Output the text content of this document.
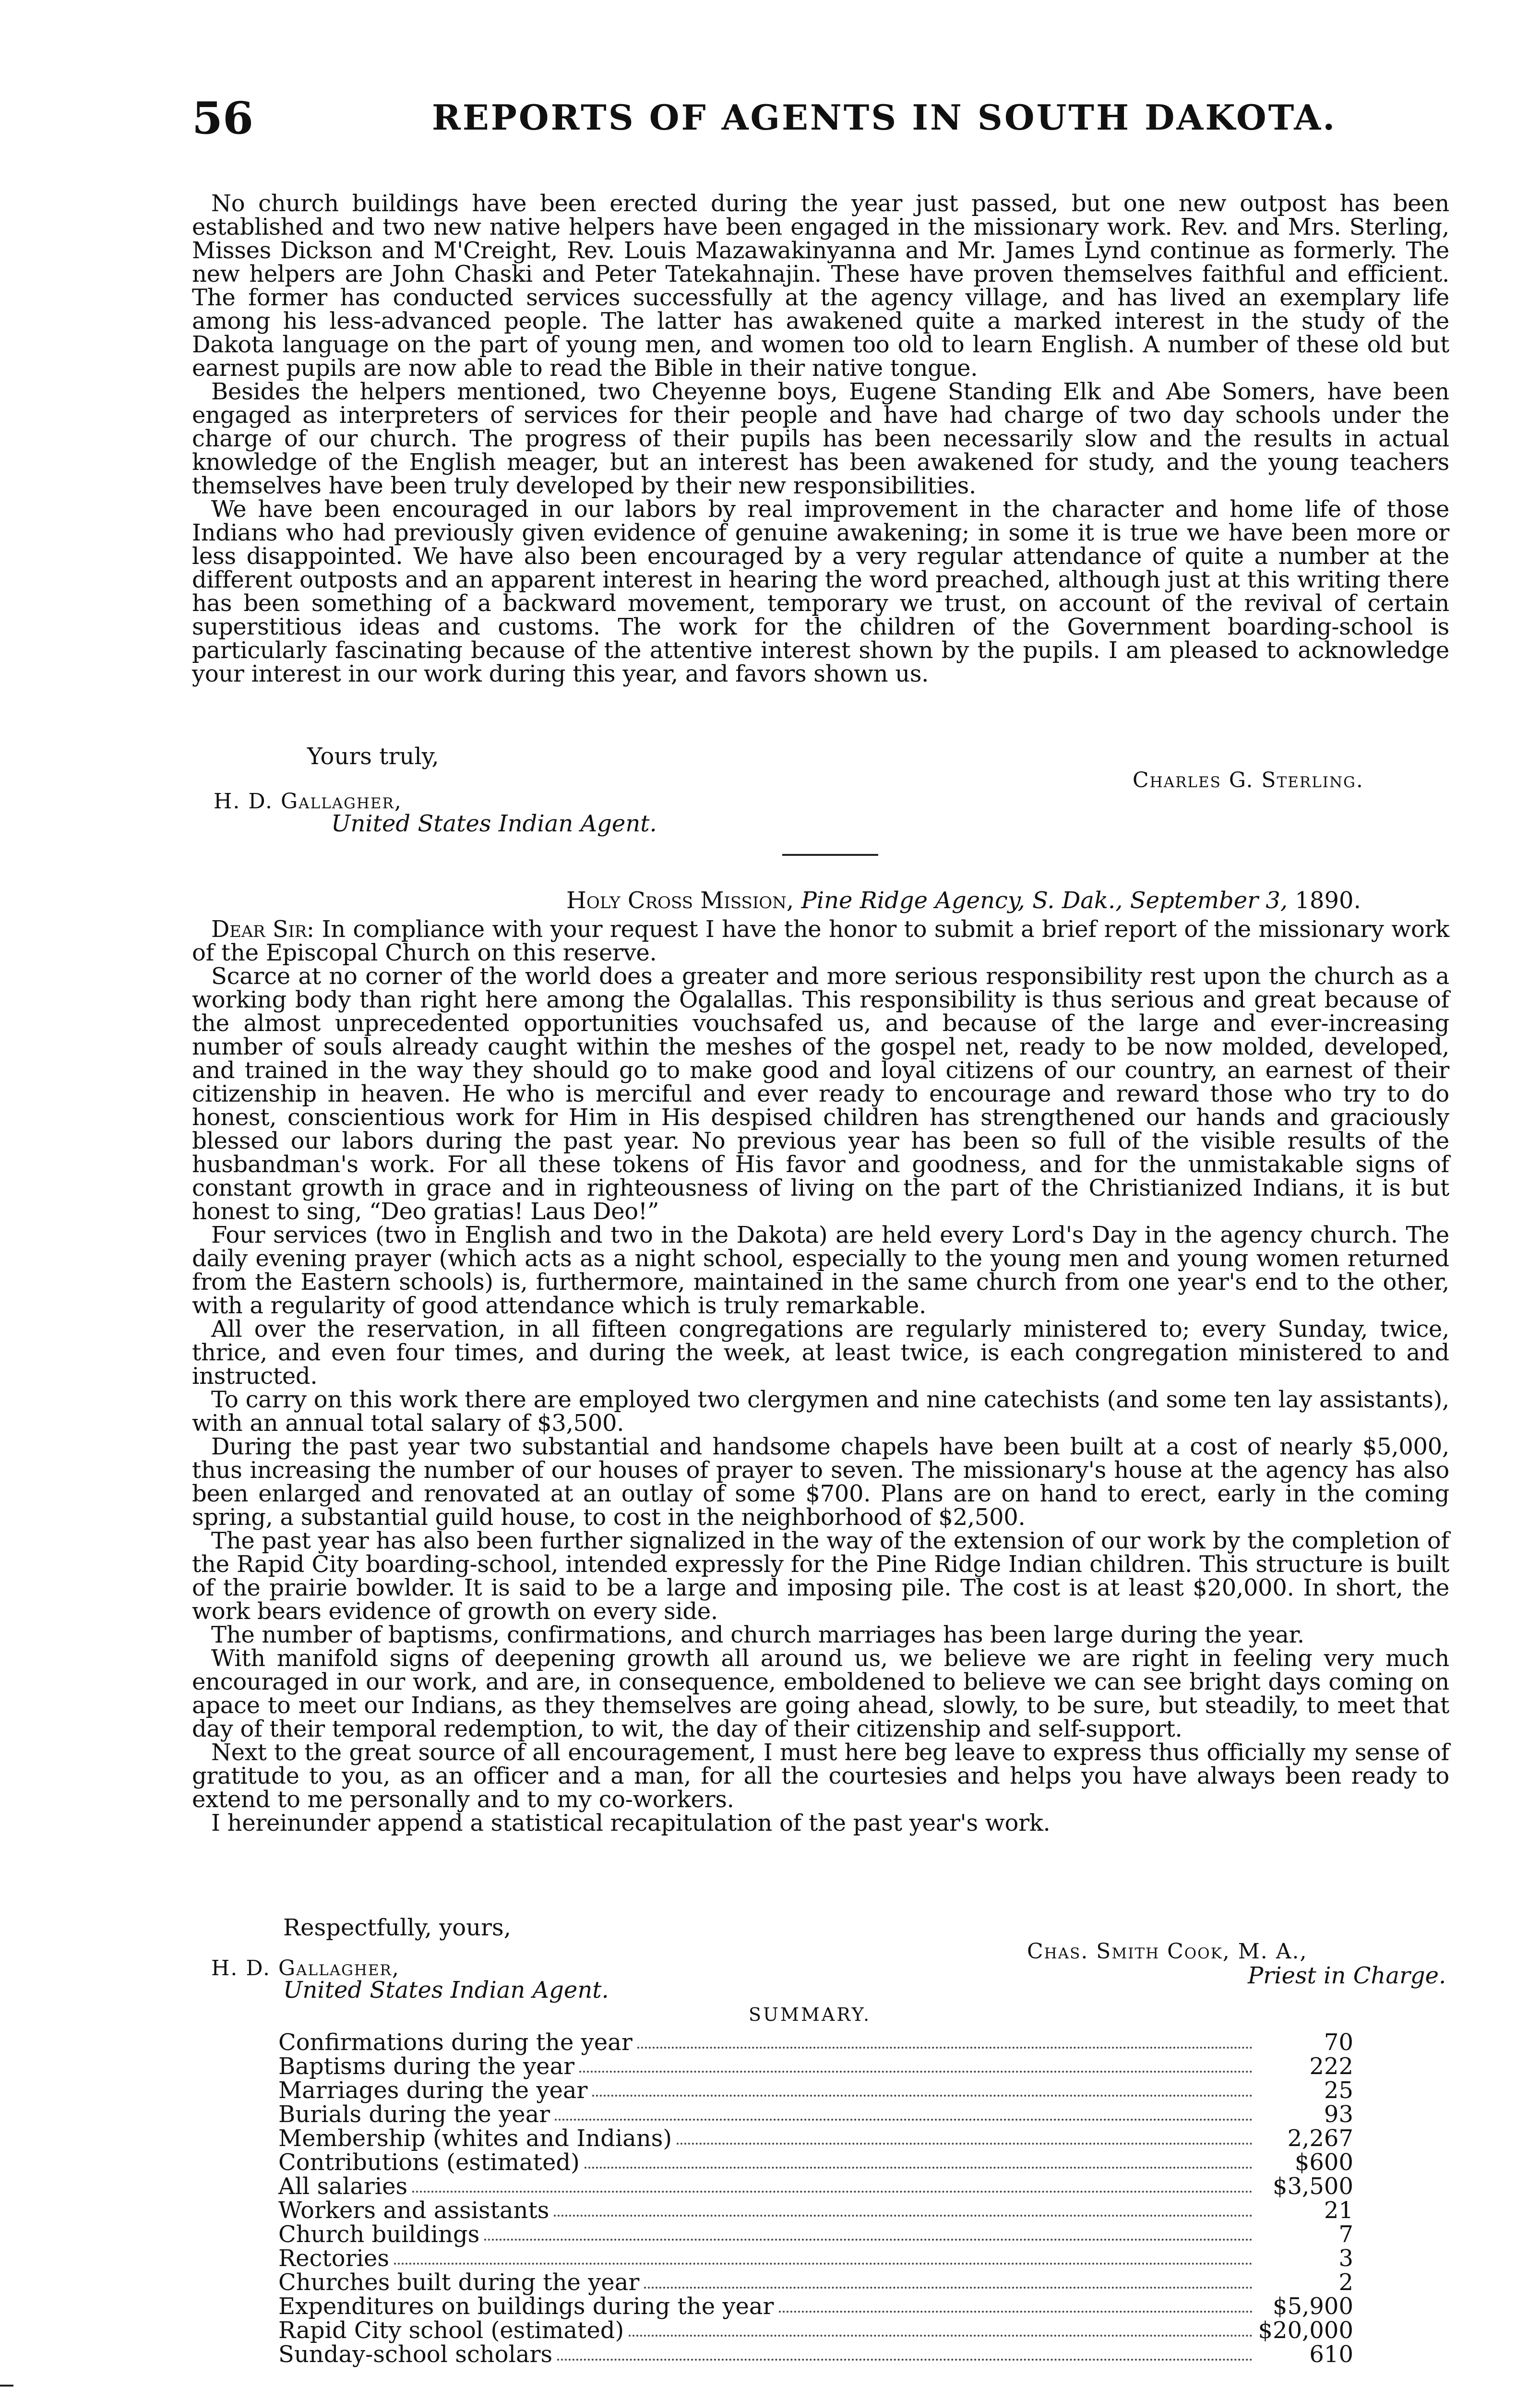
56	REPORTS OF AGENTS IN SOUTH DAKOTA.

No church buildings have been erected during the year just passed, but one new outpost has been established and two new native helpers have been engaged in the missionary work. Rev. and Mrs. Sterling, Misses Dickson and M'Creight, Rev. Louis Mazawakinyanna and Mr. James Lynd continue as formerly. The new helpers are John Chaski and Peter Tatekahnajin. These have proven themselves faithful and efficient. The former has conducted services successfully at the agency village, and has lived an exemplary life among his less-advanced people. The latter has awakened quite a marked interest in the study of the Dakota language on the part of young men, and women too old to learn English. A number of these old but earnest pupils are now able to read the Bible in their native tongue.

Besides the helpers mentioned, two Cheyenne boys, Eugene Standing Elk and Abe Somers, have been engaged as interpreters of services for their people and have had charge of two day schools under the charge of our church. The progress of their pupils has been necessarily slow and the results in actual knowledge of the English meager, but an interest has been awakened for study, and the young teachers themselves have been truly developed by their new responsibilities.

We have been encouraged in our labors by real improvement in the character and home life of those Indians who had previously given evidence of genuine awakening; in some it is true we have been more or less disappointed. We have also been encouraged by a very regular attendance of quite a number at the different outposts and an apparent interest in hearing the word preached, although just at this writing there has been something of a backward movement, temporary we trust, on account of the revival of certain superstitious ideas and customs. The work for the children of the Government boarding-school is particularly fascinating because of the attentive interest shown by the pupils. I am pleased to acknowledge your interest in our work during this year, and favors shown us.

Yours truly,
Charles G. Sterling.
H. D. Gallagher,
United States Indian Agent.
Holy Cross Mission, Pine Ridge Agency, S. Dak., September 3, 1890.

Dear Sir: In compliance with your request I have the honor to submit a brief report of the missionary work of the Episcopal Church on this reserve.

Scarce at no corner of the world does a greater and more serious responsibility rest upon the church as a working body than right here among the Ogalallas. This responsibility is thus serious and great because of the almost unprecedented opportunities vouchsafed us, and because of the large and ever-increasing number of souls already caught within the meshes of the gospel net, ready to be now molded, developed, and trained in the way they should go to make good and loyal citizens of our country, an earnest of their citizenship in heaven. He who is merciful and ever ready to encourage and reward those who try to do honest, conscientious work for Him in His despised children has strengthened our hands and graciously blessed our labors during the past year. No previous year has been so full of the visible results of the husbandman's work. For all these tokens of His favor and goodness, and for the unmistakable signs of constant growth in grace and in righteousness of living on the part of the Christianized Indians, it is but honest to sing, “Deo gratias! Laus Deo!”

Four services (two in English and two in the Dakota) are held every Lord's Day in the agency church. The daily evening prayer (which acts as a night school, especially to the young men and young women returned from the Eastern schools) is, furthermore, maintained in the same church from one year's end to the other, with a regularity of good attendance which is truly remarkable.

All over the reservation, in all fifteen congregations are regularly ministered to; every Sunday, twice, thrice, and even four times, and during the week, at least twice, is each congregation ministered to and instructed.

To carry on this work there are employed two clergymen and nine catechists (and some ten lay assistants), with an annual total salary of $3,500.

During the past year two substantial and handsome chapels have been built at a cost of nearly $5,000, thus increasing the number of our houses of prayer to seven. The missionary's house at the agency has also been enlarged and renovated at an outlay of some $700. Plans are on hand to erect, early in the coming spring, a substantial guild house, to cost in the neighborhood of $2,500.

The past year has also been further signalized in the way of the extension of our work by the completion of the Rapid City boarding-school, intended expressly for the Pine Ridge Indian children. This structure is built of the prairie bowlder. It is said to be a large and imposing pile. The cost is at least $20,000. In short, the work bears evidence of growth on every side.

The number of baptisms, confirmations, and church marriages has been large during the year.

With manifold signs of deepening growth all around us, we believe we are right in feeling very much encouraged in our work, and are, in consequence, emboldened to believe we can see bright days coming on apace to meet our Indians, as they themselves are going ahead, slowly, to be sure, but steadily, to meet that day of their temporal redemption, to wit, the day of their citizenship and self-support.

Next to the great source of all encouragement, I must here beg leave to express thus officially my sense of gratitude to you, as an officer and a man, for all the courtesies and helps you have always been ready to extend to me personally and to my co-workers.

I hereinunder append a statistical recapitulation of the past year's work.

Respectfully, yours,
Chas. Smith Cook, M. A.,
H. D. Gallagher,	Priest in Charge.
United States Indian Agent.
SUMMARY.
Confirmations during the year	70
Baptisms during the year	222
Marriages during the year	25
Burials during the year	93
Membership (whites and Indians)	2,267
Contributions (estimated)	$600
All salaries	$3,500
Workers and assistants	21
Church buildings	7
Rectories	3
Churches built during the year	2
Expenditures on buildings during the year	$5,900
Rapid City school (estimated)	$20,000
Sunday-school scholars	610
